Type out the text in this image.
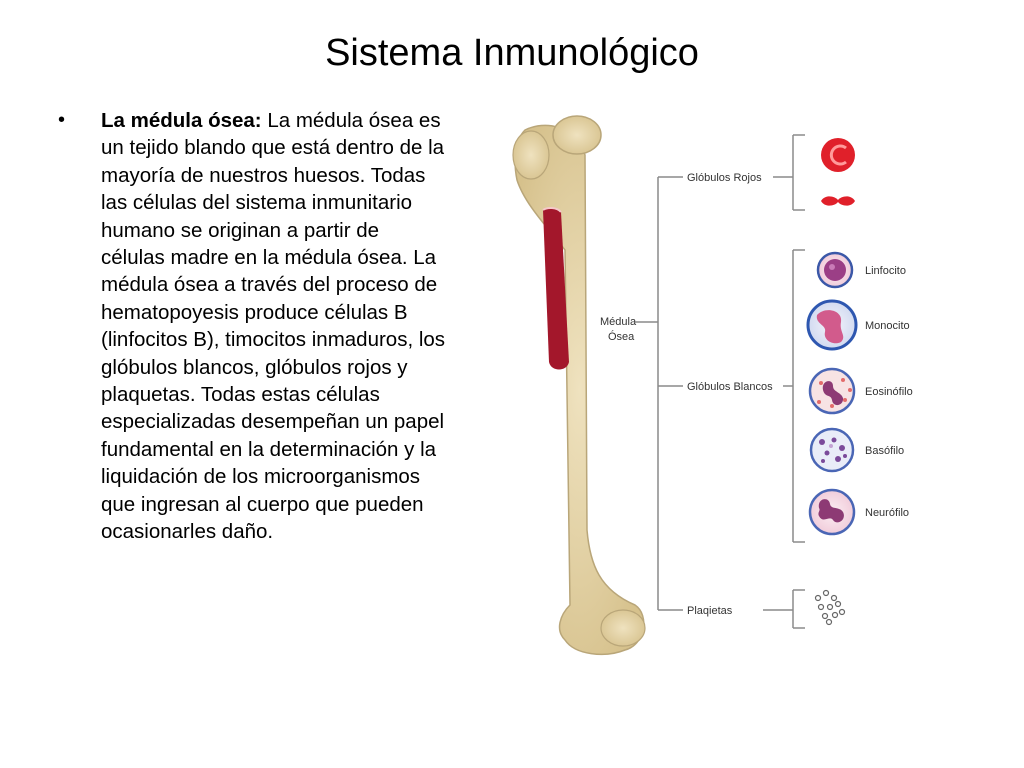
Sistema Inmunológico
• La médula ósea: La médula ósea es un tejido blando que está dentro de la mayoría de nuestros huesos. Todas las células del sistema inmunitario humano se originan a partir de células madre en la médula ósea. La médula ósea a través del proceso de hematopoyesis produce células B (linfocitos B), timocitos inmaduros, los glóbulos blancos, glóbulos rojos y plaquetas. Todas estas células especializadas desempeñan un papel fundamental en la determinación y la liquidación de los microorganismos que ingresan al cuerpo que pueden ocasionarles daño.
Médula
Ósea
Glóbulos Rojos
Glóbulos Blancos
Plaqietas
Linfocito
Monocito
Eosinófilo
Basófilo
Neuróﬁlo
